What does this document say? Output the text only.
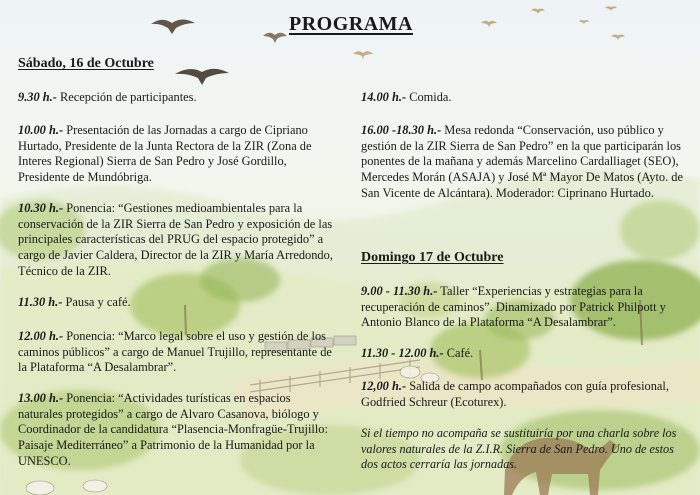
PROGRAMA
Sábado, 16 de Octubre

9.30 h.- Recepción de participantes.

10.00 h.- Presentación de las Jornadas a cargo de Cipriano Hurtado, Presidente de la Junta Rectora de la ZIR (Zona de Interes Regional) Sierra de San Pedro y José Gordillo, Presidente de Mundóbriga.

10.30 h.- Ponencia: “Gestiones medioambientales para la conservación de la ZIR Sierra de San Pedro y exposición de las principales características del PRUG del espacio protegido” a cargo de Javier Caldera, Director de la ZIR y María Arredondo, Técnico de la ZIR.

11.30 h.- Pausa y café.

12.00 h.- Ponencia: “Marco legal sobre el uso y gestión de los caminos públicos” a cargo de Manuel Trujillo, representante de la Plataforma “A Desalambrar”.

13.00 h.- Ponencia: “Actividades turísticas en espacios naturales protegidos” a cargo de Alvaro Casanova, biólogo y Coordinador de la candidatura “Plasencia-Monfragüe-Trujillo: Paisaje Mediterráneo” a Patrimonio de la Humanidad por la UNESCO.

14.00 h.- Comida.

16.00 -18.30 h.- Mesa redonda “Conservación, uso público y gestión de la ZIR Sierra de San Pedro” en la que participarán los ponentes de la mañana y además Marcelino Cardalliaget (SEO), Mercedes Morán (ASAJA) y José Mª Mayor De Matos (Ayto. de San Vicente de Alcántara). Moderador: Ciprinano Hurtado.

Domingo 17 de Octubre

9.00 - 11.30 h.- Taller “Experiencias y estrategias para la recuperación de caminos”. Dinamizado por Patrick Philpott y Antonio Blanco de la Plataforma “A Desalambrar”.

11.30 - 12.00 h.- Café.

12,00 h.- Salida de campo acompañados con guía profesional, Godfried Schreur (Ecoturex).

Si el tiempo no acompaña se sustituiría por una charla sobre los valores naturales de la Z.I.R. Sierra de San Pedro. Uno de estos dos actos cerraría las jornadas.
